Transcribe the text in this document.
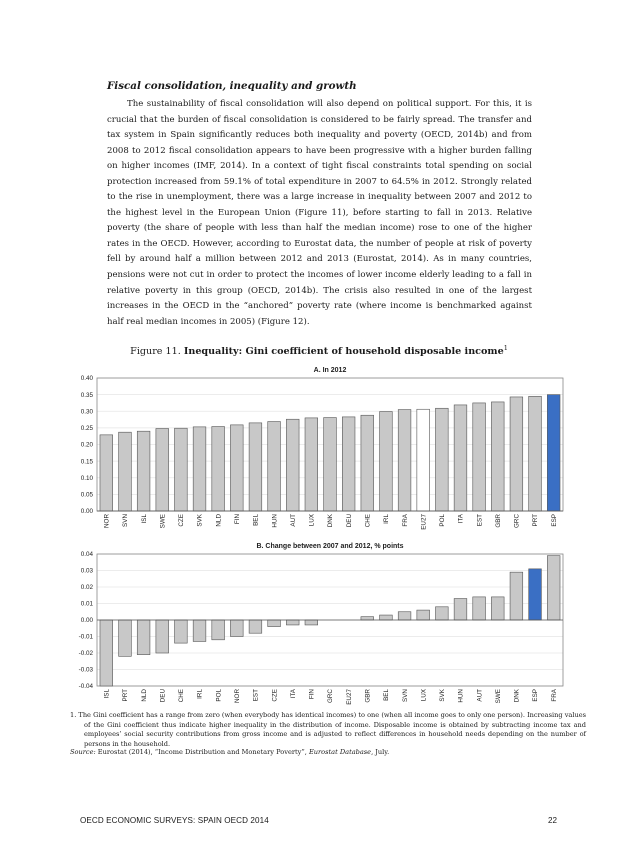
Fiscal consolidation, inequality and growth

The sustainability of fiscal consolidation will also depend on political support. For this, it is crucial that the burden of fiscal consolidation is considered to be fairly spread. The transfer and tax system in Spain significantly reduces both inequality and poverty (OECD, 2014b) and from 2008 to 2012 fiscal consolidation appears to have been progressive with a higher burden falling on higher incomes (IMF, 2014). In a context of tight fiscal constraints total spending on social protection increased from 59.1% of total expenditure in 2007 to 64.5% in 2012. Strongly related to the rise in unemployment, there was a large increase in inequality between 2007 and 2012 to the highest level in the European Union (Figure 11), before starting to fall in 2013. Relative poverty (the share of people with less than half the median income) rose to one of the higher rates in the OECD. However, according to Eurostat data, the number of people at risk of poverty fell by around half a million between 2012 and 2013 (Eurostat, 2014). As in many countries, pensions were not cut in order to protect the incomes of lower income elderly leading to a fall in relative poverty in this group (OECD, 2014b). The crisis also resulted in one of the largest increases in the OECD in the “anchored” poverty rate (where income is benchmarked against half real median incomes in 2005) (Figure 12).

Figure 11. Inequality: Gini coefficient of household disposable income$^1$
A. In 2012
0.00
0.05
0.10
0.15
0.20
0.25
0.30
0.35
0.40
NOR SVN ISL SWE CZE SVK NLD FIN BEL HUN AUT LUX DNK DEU CHE IRL FRA EU27 POL ITA EST GBR GRC PRT ESP
B. Change between 2007 and 2012, % points
-0.04
-0.03
-0.02
-0.01
0.00
0.01
0.02
0.03
0.04
ISL PRT NLD DEU CHE IRL POL NOR EST CZE ITA FIN GRC EU27 GBR BEL SVN LUX SVK HUN AUT SWE DNK ESP FRA

1. The Gini coefficient has a range from zero (when everybody has identical incomes) to one (when all income goes to only one person). Increasing values of the Gini coefficient thus indicate higher inequality in the distribution of income. Disposable income is obtained by subtracting income tax and employees’ social security contributions from gross income and is adjusted to reflect differences in household needs depending on the number of persons in the household.

Source: Eurostat (2014), “Income Distribution and Monetary Poverty”, Eurostat Database, July.

OECD ECONOMIC SURVEYS: SPAIN OECD 2014	22
